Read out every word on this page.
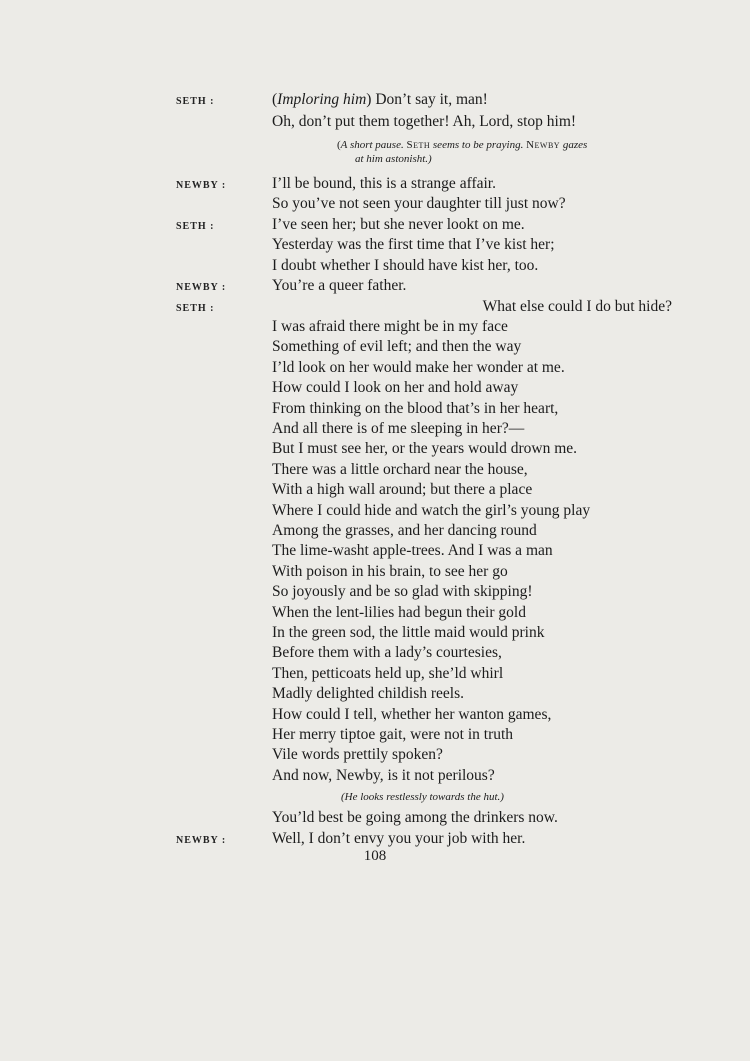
SETH :	(Imploring him) Don’t say it, man!
Oh, don’t put them together! Ah, Lord, stop him!
(A short pause. Seth seems to be praying. Newby gazes
at him astonisht.)
NEWBY :	I’ll be bound, this is a strange affair.
So you’ve not seen your daughter till just now?
SETH :	I’ve seen her; but she never lookt on me.
Yesterday was the first time that I’ve kist her;
I doubt whether I should have kist her, too.
NEWBY :	You’re a queer father.
SETH :	What else could I do but hide?
I was afraid there might be in my face
Something of evil left; and then the way
I’ld look on her would make her wonder at me.
How could I look on her and hold away
From thinking on the blood that’s in her heart,
And all there is of me sleeping in her?—
But I must see her, or the years would drown me.
There was a little orchard near the house,
With a high wall around; but there a place
Where I could hide and watch the girl’s young play
Among the grasses, and her dancing round
The lime-washt apple-trees. And I was a man
With poison in his brain, to see her go
So joyously and be so glad with skipping!
When the lent-lilies had begun their gold
In the green sod, the little maid would prink
Before them with a lady’s courtesies,
Then, petticoats held up, she’ld whirl
Madly delighted childish reels.
How could I tell, whether her wanton games,
Her merry tiptoe gait, were not in truth
Vile words prettily spoken?
And now, Newby, is it not perilous?
(He looks restlessly towards the hut.)
You’ld best be going among the drinkers now.
NEWBY :	Well, I don’t envy you your job with her.
108
